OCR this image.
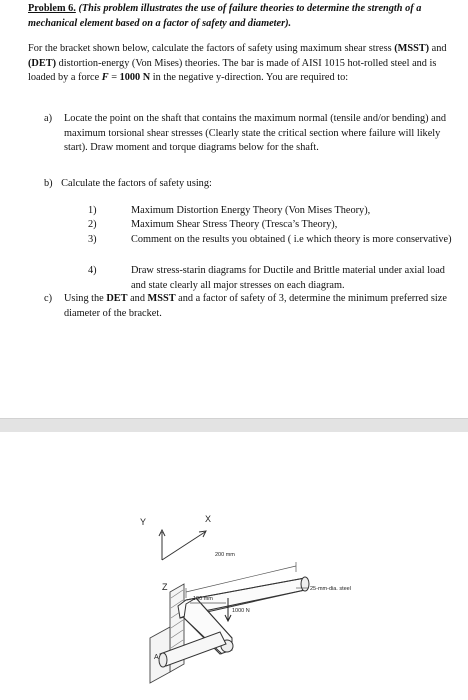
Problem 6. (This problem illustrates the use of failure theories to determine the strength of a mechanical element based on a factor of safety and diameter).
For the bracket shown below, calculate the factors of safety using maximum shear stress (MSST) and (DET) distortion-energy (Von Mises) theories. The bar is made of AISI 1015 hot-rolled steel and is loaded by a force F = 1000 N in the negative y-direction. You are required to:
a) Locate the point on the shaft that contains the maximum normal (tensile and/or bending) and maximum torsional shear stresses (Clearly state the critical section where failure will likely start). Draw moment and torque diagrams below for the shaft.
b) Calculate the factors of safety using:
1)	Maximum Distortion Energy Theory (Von Mises Theory),
2)	Maximum Shear Stress Theory (Tresca’s Theory),
3)	Comment on the results you obtained ( i.e which theory is more conservative)
4)	Draw stress-starin diagrams for Ductile and Brittle material under axial load and state clearly all major stresses on each diagram.
c) Using the DET and MSST and a factor of safety of 3, determine the minimum preferred size diameter of the bracket.
Y	X
Z
200 mm
100 mm
1000 N
25-mm-dia. steel
A
